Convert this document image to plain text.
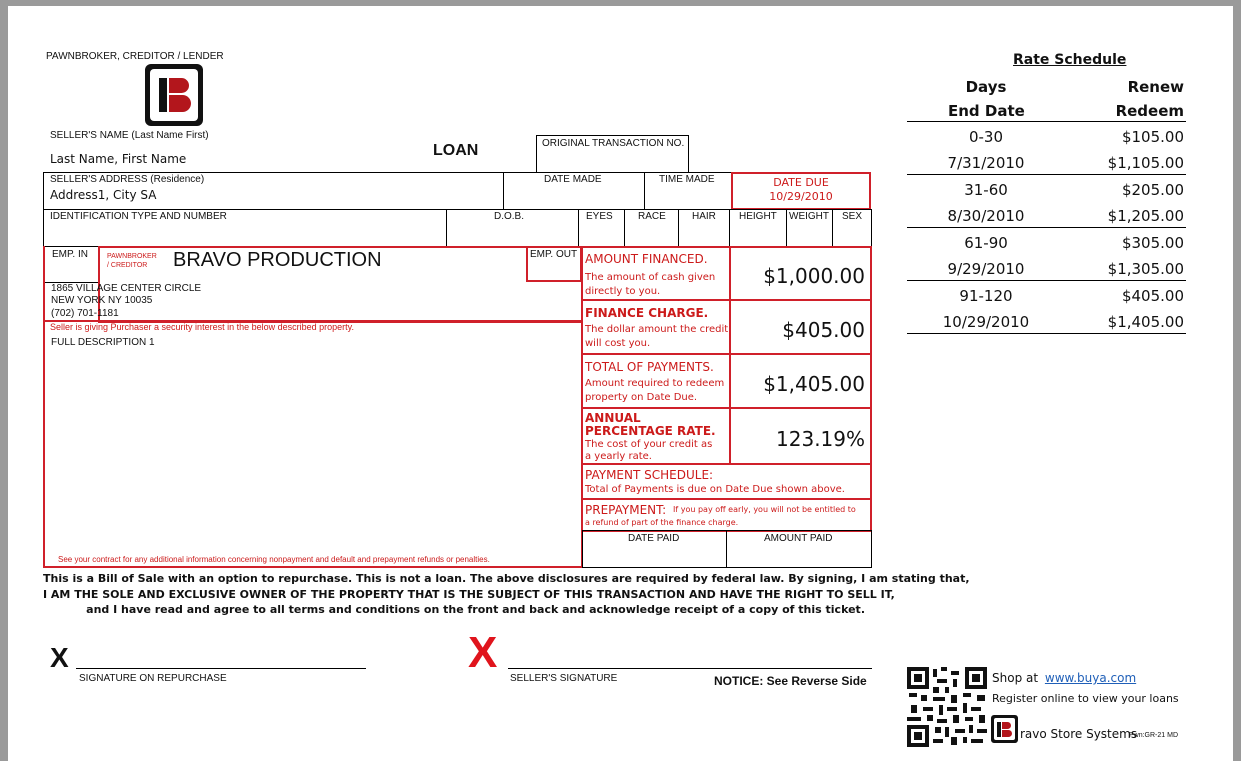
PAWNBROKER, CREDITOR / LENDER
SELLER'S NAME (Last Name First)
Last Name, First Name	LOAN	ORIGINAL TRANSACTION NO.
SELLER'S ADDRESS (Residence)
Address1, City SA
DATE MADE	TIME MADE	DATE DUE
10/29/2010
IDENTIFICATION TYPE AND NUMBER	D.O.B.	EYES	RACE	HAIR HEIGHT WEIGHT SEX
EMP. IN	PAWNBROKER
/ CREDITOR	BRAVO PRODUCTION	EMP. OUT
1865 VILLAGE CENTER CIRCLE
NEW YORK NY 10035
(702) 701-1181
Seller is giving Purchaser a security interest in the below described property.
FULL DESCRIPTION 1
See your contract for any additional information concerning nonpayment and default and prepayment refunds or penalties.
AMOUNT FINANCED.
The amount of cash given
directly to you.
$1,000.00
FINANCE CHARGE.
The dollar amount the credit
will cost you.
$405.00
TOTAL OF PAYMENTS.
Amount required to redeem
property on Date Due.
$1,405.00
ANNUAL
PERCENTAGE RATE.
The cost of your credit as
a yearly rate.
123.19%
PAYMENT SCHEDULE:
Total of Payments is due on Date Due shown above.
PREPAYMENT: If you pay off early, you will not be entitled to
a refund of part of the finance charge.
DATE PAID	AMOUNT PAID
This is a Bill of Sale with an option to repurchase. This is not a loan. The above disclosures are required by federal law. By signing, I am stating that,
I AM THE SOLE AND EXCLUSIVE OWNER OF THE PROPERTY THAT IS THE SUBJECT OF THIS TRANSACTION AND HAVE THE RIGHT TO SELL IT,
and I have read and agree to all terms and conditions on the front and back and acknowledge receipt of a copy of this ticket.
X
SIGNATURE ON REPURCHASE
X
SELLER'S SIGNATURE	NOTICE: See Reverse Side
Rate Schedule
Days	Renew
End Date	Redeem
0-30	$105.00
7/31/2010	$1,105.00
31-60	$205.00
8/30/2010	$1,205.00
61-90	$305.00
9/29/2010	$1,305.00
91-120	$405.00
10/29/2010	$1,405.00
Shop at www.buya.com
Register online to view your loans
ravo Store Systems
Pwn:GR-21 MD
